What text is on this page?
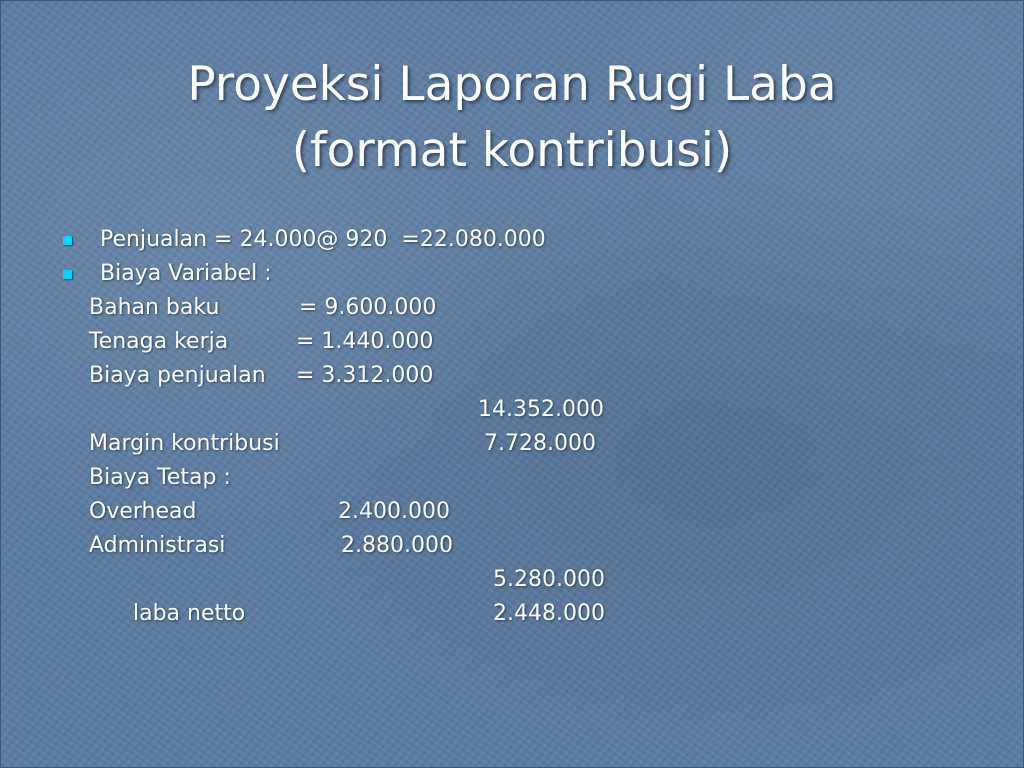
Proyeksi Laporan Rugi Laba
(format kontribusi)
Penjualan = 24.000@ 920  =22.080.000
Biaya Variabel :
Bahan baku	= 9.600.000
Tenaga kerja	= 1.440.000
Biaya penjualan = 3.312.000
14.352.000
Margin kontribusi	7.728.000
Biaya Tetap :
Overhead	2.400.000
Administrasi	2.880.000
5.280.000
laba netto	2.448.000
